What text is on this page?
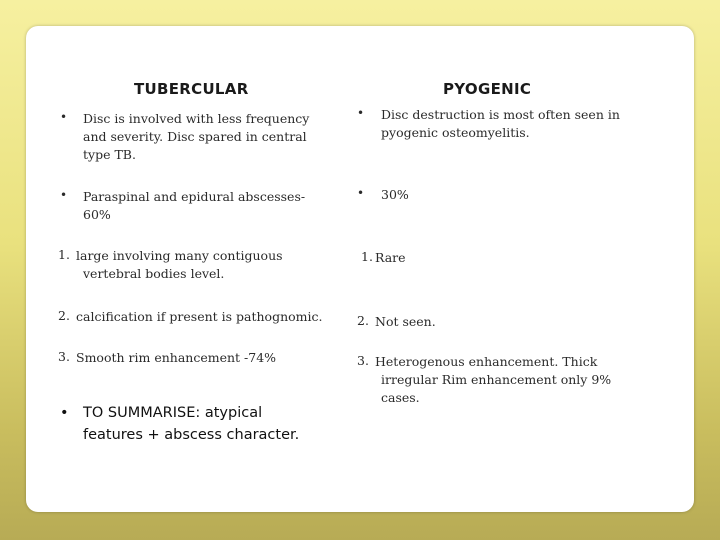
TUBERCULAR
• Disc is involved with less frequency
and severity. Disc spared in central
type TB.
• Paraspinal and epidural abscesses-
60%
1. large involving many contiguous
vertebral bodies level.
2. calcification if present is pathognomic.
3. Smooth rim enhancement -74%
• TO SUMMARISE: atypical
features + abscess character.
PYOGENIC
• Disc destruction is most often seen in
pyogenic osteomyelitis.
• 30%
1. Rare
2. Not seen.
3. Heterogenous enhancement. Thick
irregular Rim enhancement only 9%
cases.
